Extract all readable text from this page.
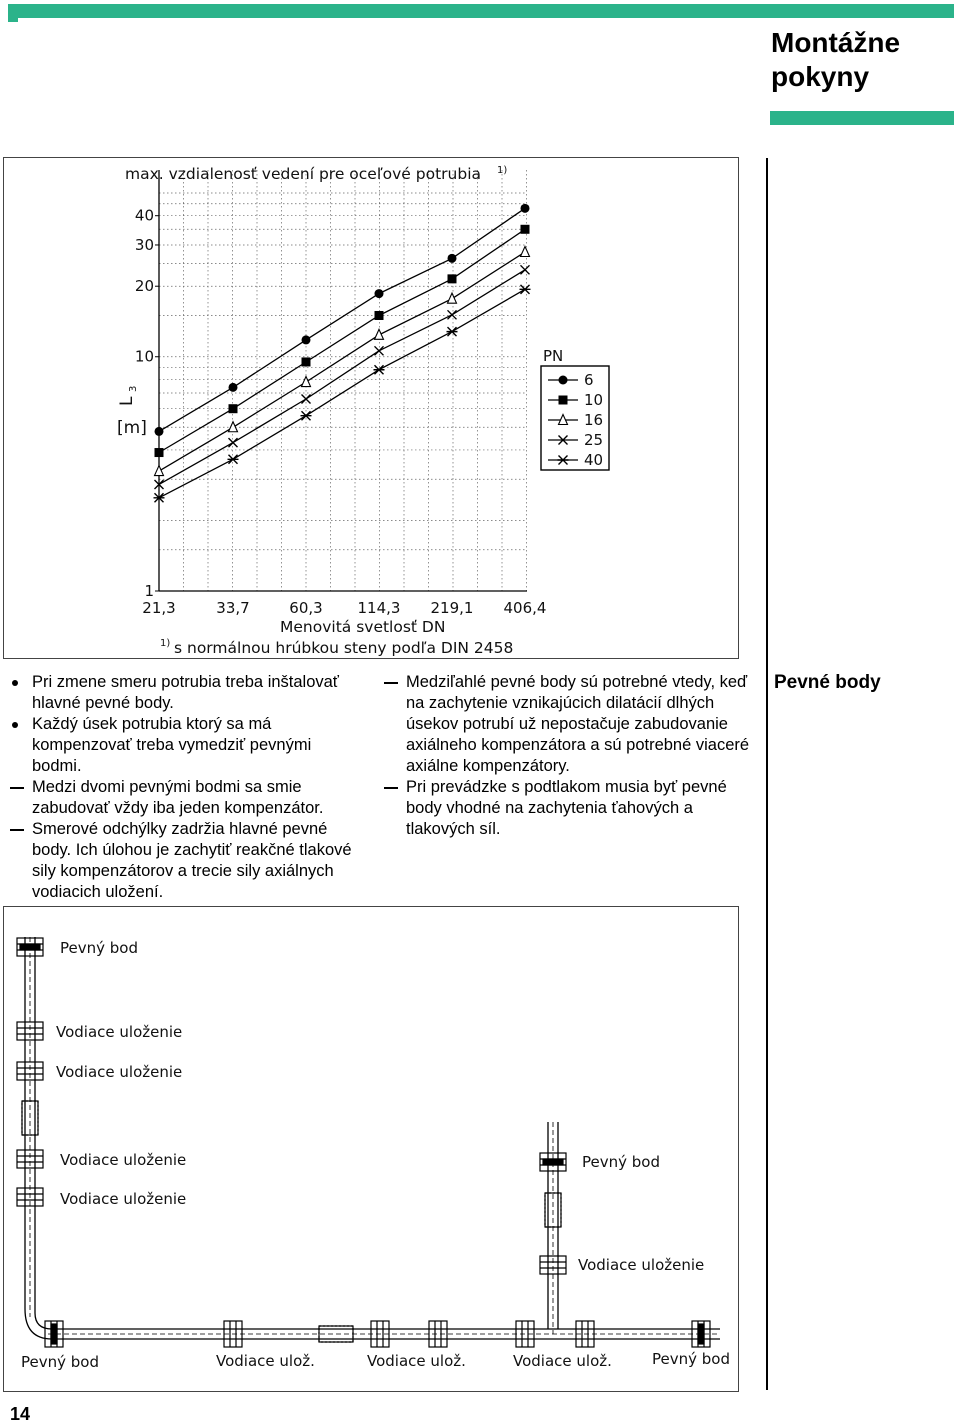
Montážne pokyny
Pevné body
1
10
20
30
40
21,3	33,7	60,3 114,3 219,1 406,4
max. vzdialenosť vedení pre oceľové potrubia 1)
L
3
[m]
Menovitá svetlosť DN
1) s normálnou hrúbkou steny podľa DIN 2458
PN
6
10
16
25
40

Pri zmene smeru potrubia treba inštalovať hlavné pevné body.

Každý úsek potrubia ktorý sa má kompenzovať treba vymedziť pevnými bodmi.

Medzi dvomi pevnými bodmi sa smie zabudovať vždy iba jeden kompenzátor.

Smerové odchýlky zadržia hlavné pevné body. Ich úlohou je zachytiť reakčné tlakové sily kompenzátorov a trecie sily axiálnych vodiacich uložení.

Medziľahlé pevné body sú potrebné vtedy, keď na zachytenie vznikajúcich dilatácií dlhých úsekov potrubí už nepostačuje zabudovanie axiálneho kompenzátora a sú potrebné viaceré axiálne kompenzátory.

Pri prevádzke s podtlakom musia byť pevné body vhodné na zachytenia ťahových a tlakových síl.

Pevný bod
Vodiace uloženie
Vodiace uloženie
Vodiace uloženie
Vodiace uloženie
Pevný bod
Vodiace uloženie
Pevný bod	Vodiace ulož.	Vodiace ulož.	Vodiace ulož.	Pevný bod
14
